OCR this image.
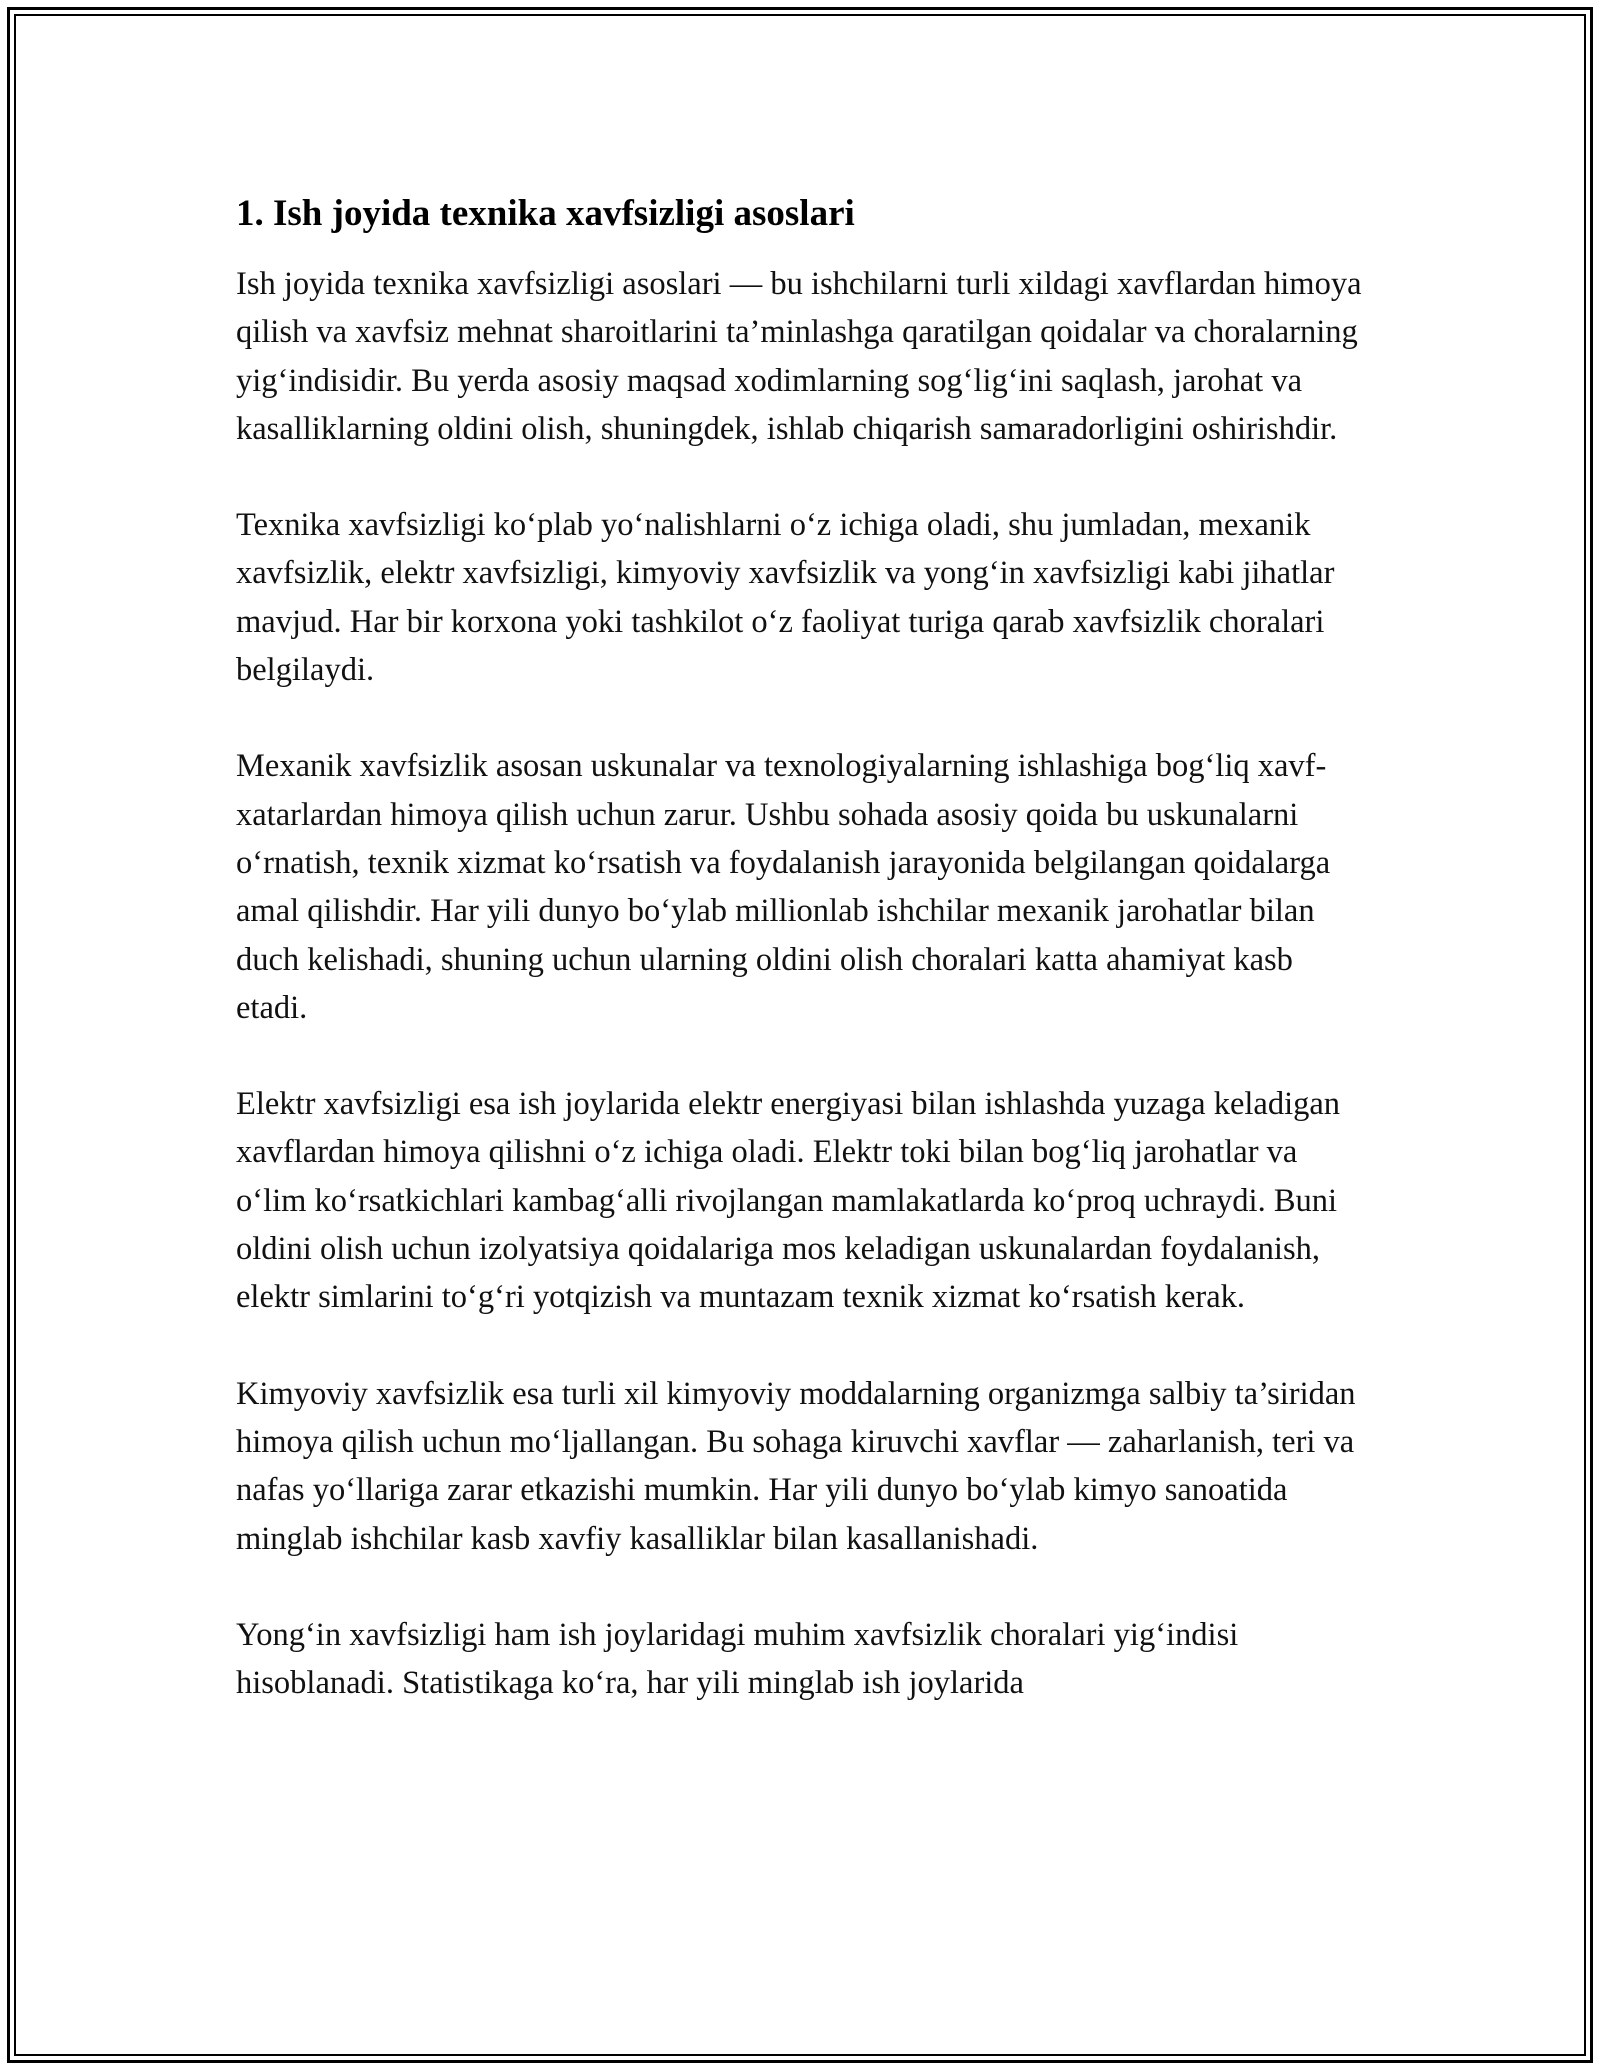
1. Ish joyida texnika xavfsizligi asoslari

Ish joyida texnika xavfsizligi asoslari — bu ishchilarni turli xildagi xavflardan himoya qilish va xavfsiz mehnat sharoitlarini ta’minlashga qaratilgan qoidalar va choralarning yig‘indisidir. Bu yerda asosiy maqsad xodimlarning sog‘lig‘ini saqlash, jarohat va kasalliklarning oldini olish, shuningdek, ishlab chiqarish samaradorligini oshirishdir.

Texnika xavfsizligi ko‘plab yo‘nalishlarni o‘z ichiga oladi, shu jumladan, mexanik xavfsizlik, elektr xavfsizligi, kimyoviy xavfsizlik va yong‘in xavfsizligi kabi jihatlar mavjud. Har bir korxona yoki tashkilot o‘z faoliyat turiga qarab xavfsizlik choralari belgilaydi.

Mexanik xavfsizlik asosan uskunalar va texnologiyalarning ishlashiga bog‘liq xavf-xatarlardan himoya qilish uchun zarur. Ushbu sohada asosiy qoida bu uskunalarni o‘rnatish, texnik xizmat ko‘rsatish va foydalanish jarayonida belgilangan qoidalarga amal qilishdir. Har yili dunyo bo‘ylab millionlab ishchilar mexanik jarohatlar bilan duch kelishadi, shuning uchun ularning oldini olish choralari katta ahamiyat kasb etadi.

Elektr xavfsizligi esa ish joylarida elektr energiyasi bilan ishlashda yuzaga keladigan xavflardan himoya qilishni o‘z ichiga oladi. Elektr toki bilan bog‘liq jarohatlar va o‘lim ko‘rsatkichlari kambag‘alli rivojlangan mamlakatlarda ko‘proq uchraydi. Buni oldini olish uchun izolyatsiya qoidalariga mos keladigan uskunalardan foydalanish, elektr simlarini to‘g‘ri yotqizish va muntazam texnik xizmat ko‘rsatish kerak.

Kimyoviy xavfsizlik esa turli xil kimyoviy moddalarning organizmga salbiy ta’siridan himoya qilish uchun mo‘ljallangan. Bu sohaga kiruvchi xavflar — zaharlanish, teri va nafas yo‘llariga zarar etkazishi mumkin. Har yili dunyo bo‘ylab kimyo sanoatida minglab ishchilar kasb xavfiy kasalliklar bilan kasallanishadi.

Yong‘in xavfsizligi ham ish joylaridagi muhim xavfsizlik choralari yig‘indisi hisoblanadi. Statistikaga ko‘ra, har yili minglab ish joylarida
